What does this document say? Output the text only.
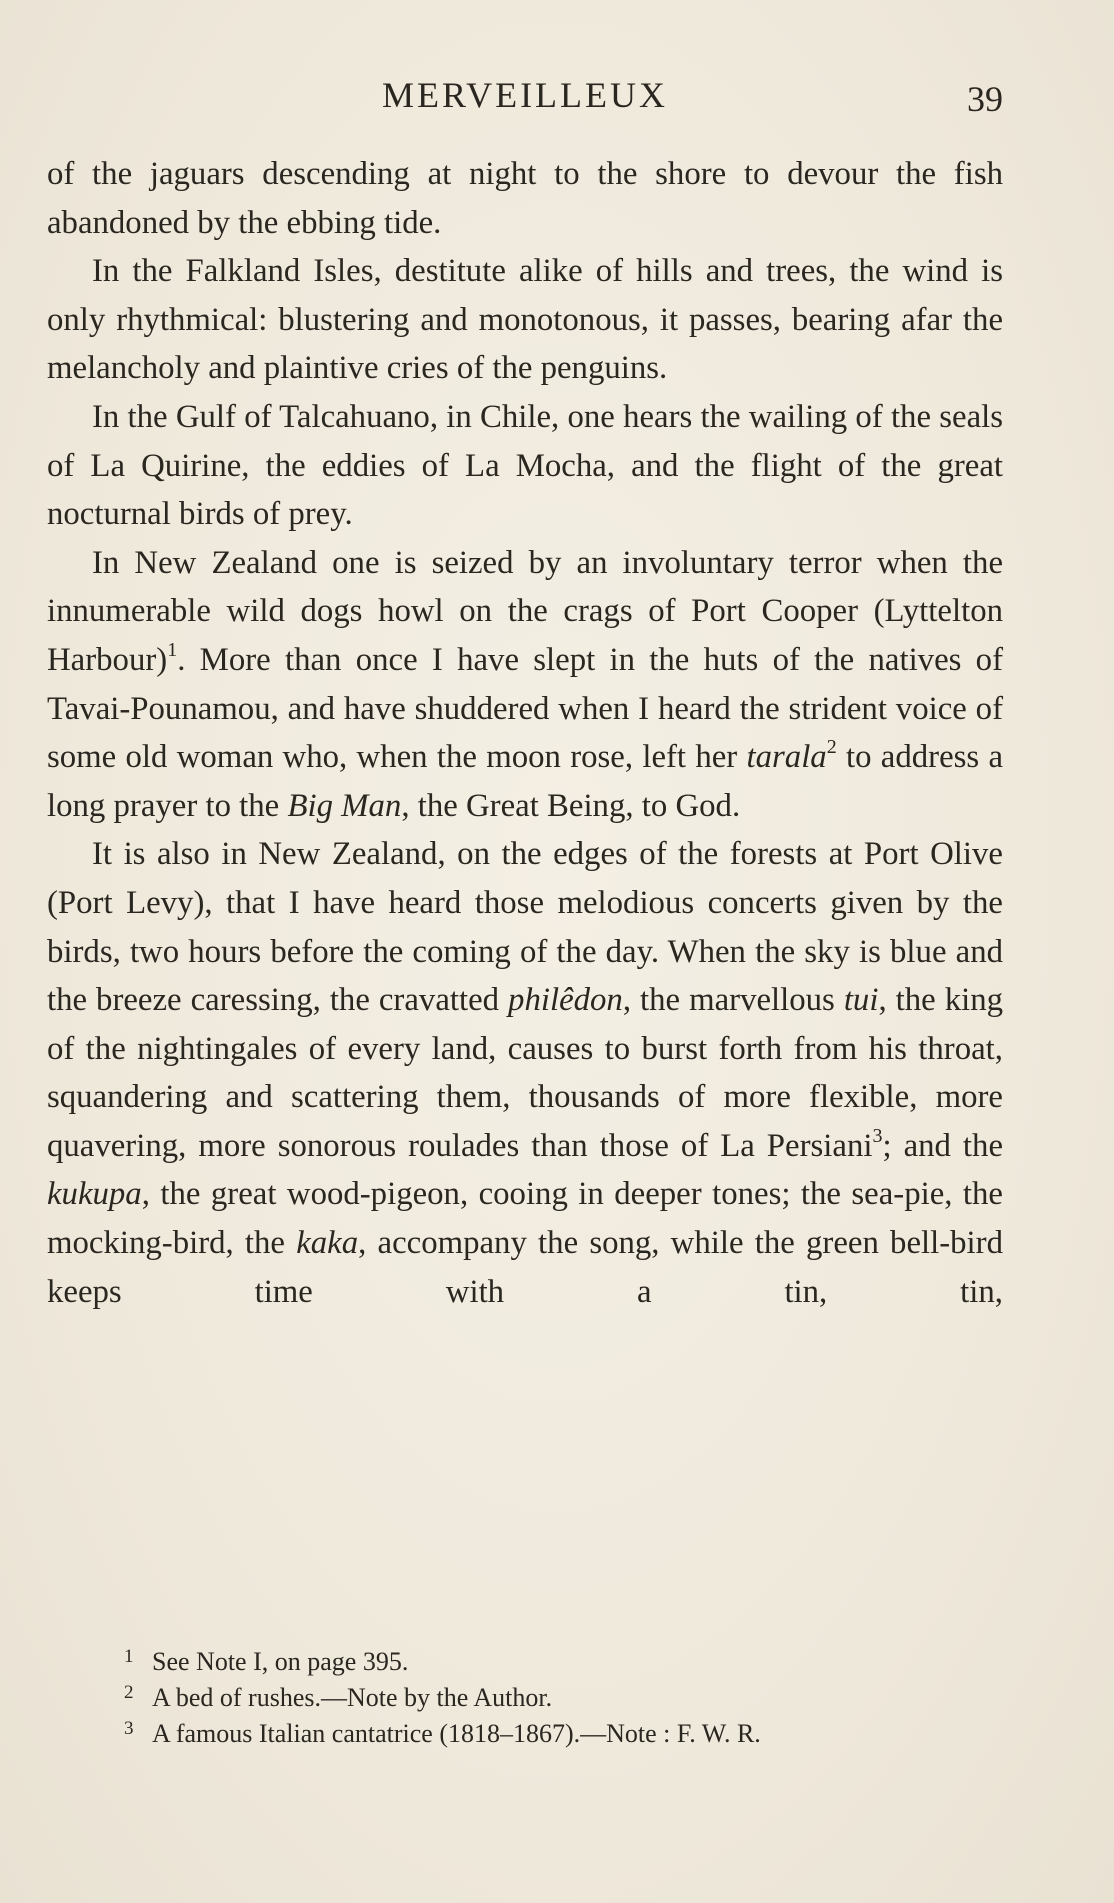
MERVEILLEUX	39

of the jaguars descending at night to the shore to devour the fish abandoned by the ebbing tide.

In the Falkland Isles, destitute alike of hills and trees, the wind is only rhythmical: blustering and monotonous, it passes, bearing afar the melancholy and plaintive cries of the penguins.

In the Gulf of Talcahuano, in Chile, one hears the wailing of the seals of La Quirine, the eddies of La Mocha, and the flight of the great nocturnal birds of prey.

In New Zealand one is seized by an involuntary terror when the innumerable wild dogs howl on the crags of Port Cooper (Lyttelton Harbour)$^1$. More than once I have slept in the huts of the natives of Tavai-Pounamou, and have shuddered when I heard the strident voice of some old woman who, when the moon rose, left her tarala$^2$ to address a long prayer to the Big Man, the Great Being, to God.

It is also in New Zealand, on the edges of the forests at Port Olive (Port Levy), that I have heard those melodious concerts given by the birds, two hours before the coming of the day. When the sky is blue and the breeze caressing, the cravatted philêdon, the marvellous tui, the king of the nightingales of every land, causes to burst forth from his throat, squandering and scattering them, thousands of more flexible, more quavering, more sonorous roulades than those of La Persiani$^3$; and the kukupa, the great wood-pigeon, cooing in deeper tones; the sea-pie, the mocking-bird, the kaka, accompany the song, while the green bell-bird keeps time with a tin, tin,

1 See Note I, on page 395.

2 A bed of rushes.—Note by the Author.

3 A famous Italian cantatrice (1818–1867).—Note : F. W. R.
